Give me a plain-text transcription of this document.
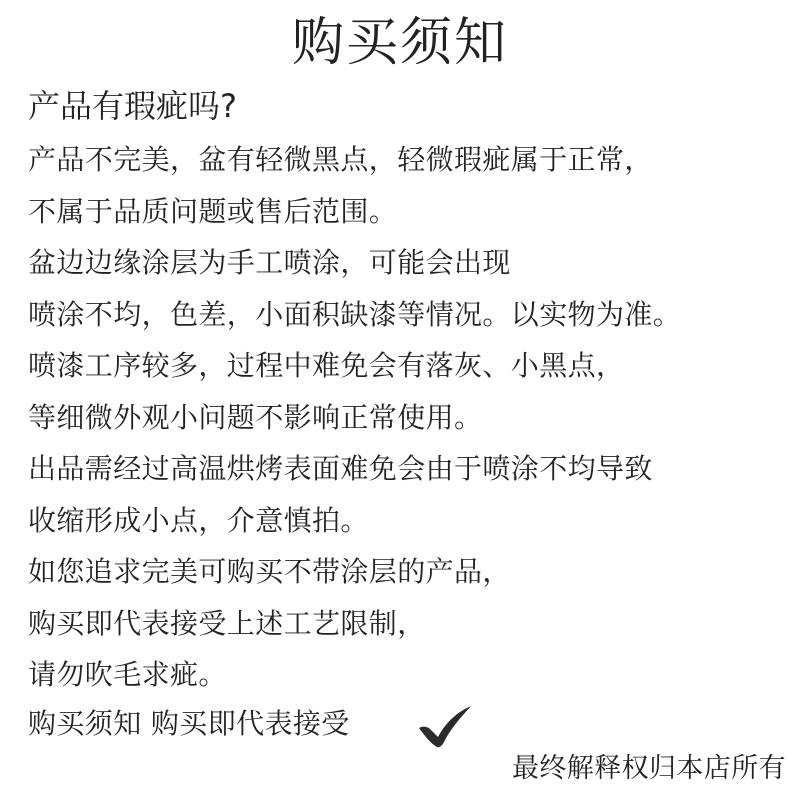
购买须知
产品有瑕疵吗?
产品不完美，盆有轻微黑点，轻微瑕疵属于正常，
不属于品质问题或售后范围。
盆边边缘涂层为手工喷涂，可能会出现
喷涂不均，色差，小面积缺漆等情况。以实物为准。
喷漆工序较多，过程中难免会有落灰、小黑点，
等细微外观小问题不影响正常使用。
出品需经过高温烘烤表面难免会由于喷涂不均导致
收缩形成小点，介意慎拍。
如您追求完美可购买不带涂层的产品，
购买即代表接受上述工艺限制，
请勿吹毛求疵。
购买须知 购买即代表接受
最终解释权归本店所有
